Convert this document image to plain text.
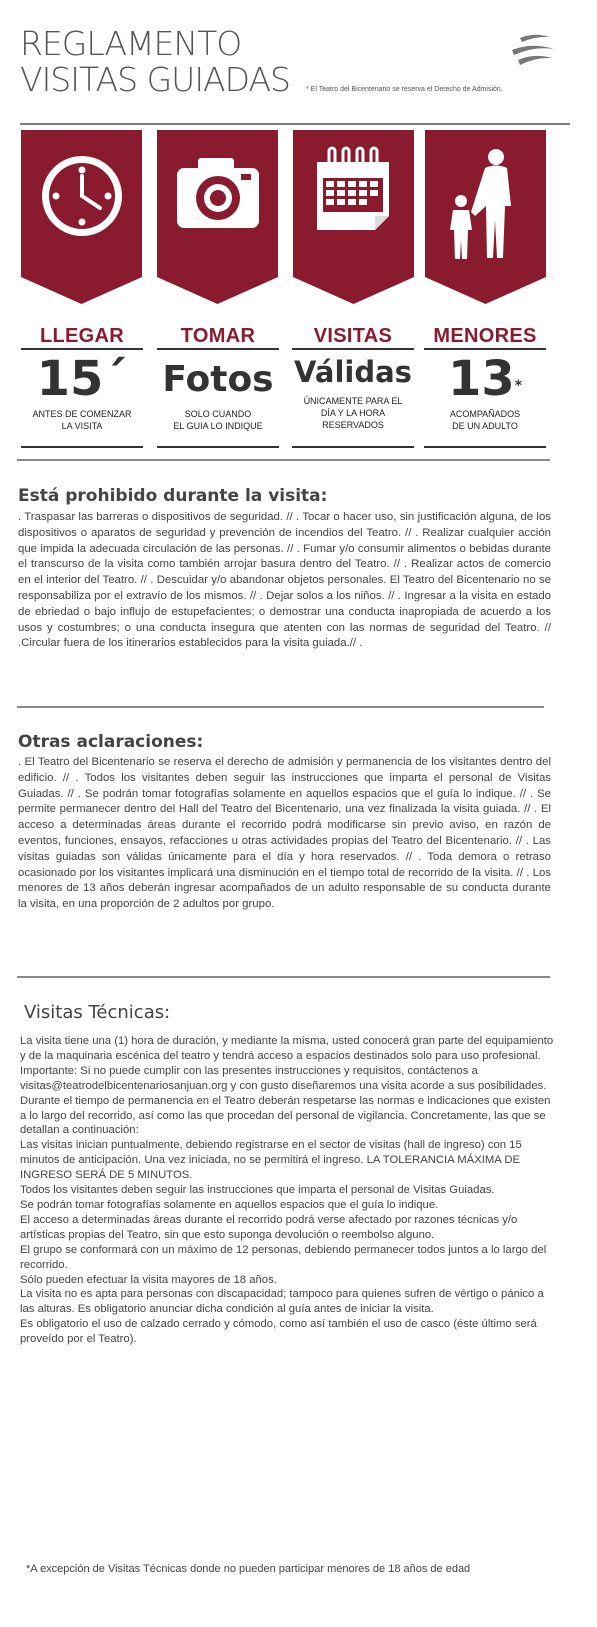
REGLAMENTO
VISITAS GUIADAS * El Teatro del Bicentenario se reserva el Derecho de Admisión.
LLEGAR
15´
ANTES DE COMENZAR
LA VISITA
TOMAR
Fotos
SOLO CUANDO
EL GUIA LO INDIQUE
VISITAS
Válidas
ÚNICAMENTE PARA EL
DÍA Y LA HORA
RESERVADOS
MENORES
13 *
ACOMPAÑADOS
DE UN ADULTO
Está prohibido durante la visita:
. Traspasar las barreras o dispositivos de seguridad. // . Tocar o hacer uso, sin justificación alguna, de los dispositivos o aparatos de seguridad y prevención de incendios del Teatro. // . Realizar cualquier acción que impida la adecuada circulación de las personas. // . Fumar y/o consumir alimentos o bebidas durante el transcurso de la visita como también arrojar basura dentro del Teatro. // . Realizar actos de comercio en el interior del Teatro. // . Descuidar y/o abandonar objetos personales. El Teatro del Bicentenario no se responsabiliza por el extravío de los mismos. // . Dejar solos a los niños. // . Ingresar a la visita en estado de ebriedad o bajo influjo de estupefacientes; o demostrar una conducta inapropiada de acuerdo a los usos y costumbres; o una conducta insegura que atenten con las normas de seguridad del Teatro. // .Circular fuera de los itinerarios establecidos para la visita guiada.// .
Otras aclaraciones:
. El Teatro del Bicentenario se reserva el derecho de admisión y permanencia de los visitantes dentro del edificio. // . Todos los visitantes deben seguir las instrucciones que imparta el personal de Visitas Guiadas. // . Se podrán tomar fotografías solamente en aquellos espacios que el guía lo indique. // . Se permite permanecer dentro del Hall del Teatro del Bicentenario, una vez finalizada la visita guiada. // . El acceso a determinadas áreas durante el recorrido podrá modificarse sin previo aviso, en razón de eventos, funciones, ensayos, refacciones u otras actividades propias del Teatro del Bicentenario. // . Las visitas guiadas son válidas únicamente para el día y hora reservados. // . Toda demora o retraso ocasionado por los visitantes implicará una disminución en el tiempo total de recorrido de la visita. // . Los menores de 13 años deberán ingresar acompañados de un adulto responsable de su conducta durante la visita, en una proporción de 2 adultos por grupo.
Visitas Técnicas:

La visita tiene una (1) hora de duración, y mediante la misma, usted conocerá gran parte del equipamiento y de la maquinaria escénica del teatro y tendrá acceso a espacios destinados solo para uso profesional.

Importante: Si no puede cumplir con las presentes instrucciones y requisitos, contáctenos a visitas@teatrodelbicentenariosanjuan.org y con gusto diseñaremos una visita acorde a sus posibilidades.

Durante el tiempo de permanencia en el Teatro deberán respetarse las normas e indicaciones que existen a lo largo del recorrido, así como las que procedan del personal de vigilancia. Concretamente, las que se detallan a continuación:

Las visitas inician puntualmente, debiendo registrarse en el sector de visitas (hall de ingreso) con 15 minutos de anticipación. Una vez iniciada, no se permitirá el ingreso. LA TOLERANCIA MÁXIMA DE INGRESO SERÁ DE 5 MINUTOS.

Todos los visitantes deben seguir las instrucciones que imparta el personal de Visitas Guiadas.

Se podrán tomar fotografías solamente en aquellos espacios que el guía lo indique.

El acceso a determinadas áreas durante el recorrido podrá verse afectado por razones técnicas y/o artísticas propias del Teatro, sin que esto suponga devolución o reembolso alguno.

El grupo se conformará con un máximo de 12 personas, debiendo permanecer todos juntos a lo largo del recorrido.

Sólo pueden efectuar la visita mayores de 18 años.

La visita no es apta para personas con discapacidad; tampoco para quienes sufren de vértigo o pánico a las alturas. Es obligatorio anunciar dicha condición al guía antes de iniciar la visita.

Es obligatorio el uso de calzado cerrado y cómodo, como así también el uso de casco (éste último será proveído por el Teatro).

*A excepción de Visitas Técnicas donde no pueden participar menores de 18 años de edad
